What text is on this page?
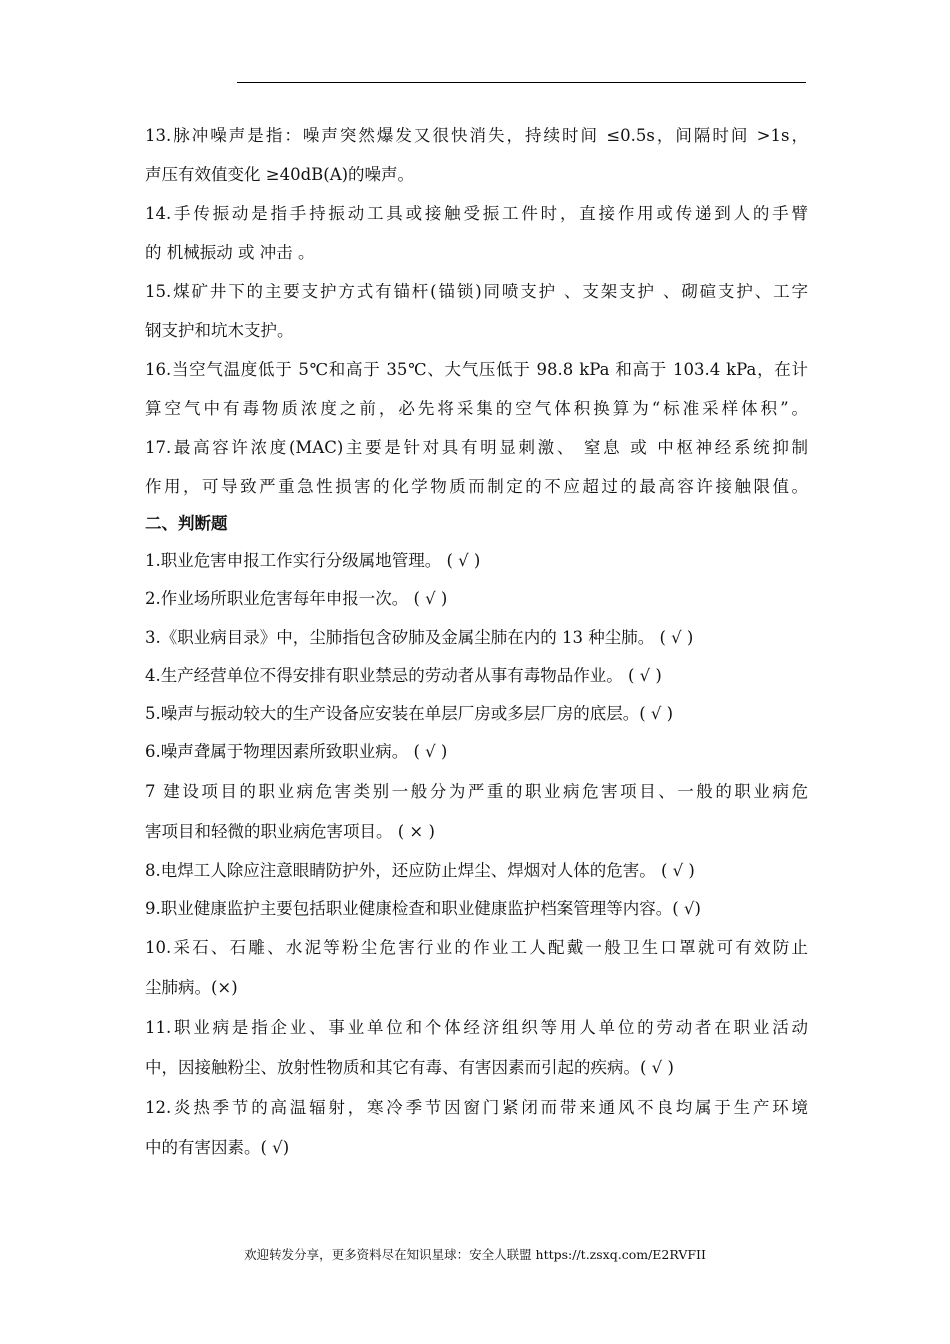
13.脉冲噪声是指：噪声突然爆发又很快消失，持续时间 ≤0.5s，间隔时间 >1s，
声压有效值变化 ≥40dB(A)的噪声。
14.手传振动是指手持振动工具或接触受振工件时，直接作用或传递到人的手臂
的 机械振动 或 冲击 。
15.煤矿井下的主要支护方式有锚杆(锚锁)同喷支护 、支架支护 、砌碹支护、工字
钢支护和坑木支护。
16.当空气温度低于 5℃和高于 35℃、大气压低于 98.8 kPa 和高于 103.4 kPa，在计
算空气中有毒物质浓度之前，必先将采集的空气体积换算为“标准采样体积”。
17.最高容许浓度(MAC)主要是针对具有明显刺激、 窒息 或 中枢神经系统抑制
作用，可导致严重急性损害的化学物质而制定的不应超过的最高容许接触限值。
二、判断题
1.职业危害申报工作实行分级属地管理。 ( √ )
2.作业场所职业危害每年申报一次。 ( √ )
3.《职业病目录》中，尘肺指包含矽肺及金属尘肺在内的 13 种尘肺。 ( √ )
4.生产经营单位不得安排有职业禁忌的劳动者从事有毒物品作业。 ( √ )
5.噪声与振动较大的生产设备应安装在单层厂房或多层厂房的底层。( √ )
6.噪声聋属于物理因素所致职业病。 ( √ )
7 建设项目的职业病危害类别一般分为严重的职业病危害项目、一般的职业病危
害项目和轻微的职业病危害项目。 ( × )
8.电焊工人除应注意眼睛防护外，还应防止焊尘、焊烟对人体的危害。 ( √ )
9.职业健康监护主要包括职业健康检查和职业健康监护档案管理等内容。( √)
10.采石、石雕、水泥等粉尘危害行业的作业工人配戴一般卫生口罩就可有效防止
尘肺病。(×)
11.职业病是指企业、事业单位和个体经济组织等用人单位的劳动者在职业活动
中，因接触粉尘、放射性物质和其它有毒、有害因素而引起的疾病。( √ )
12.炎热季节的高温辐射，寒冷季节因窗门紧闭而带来通风不良均属于生产环境
中的有害因素。( √)
欢迎转发分享，更多资料尽在知识星球：安全人联盟 https://t.zsxq.com/E2RVFII
